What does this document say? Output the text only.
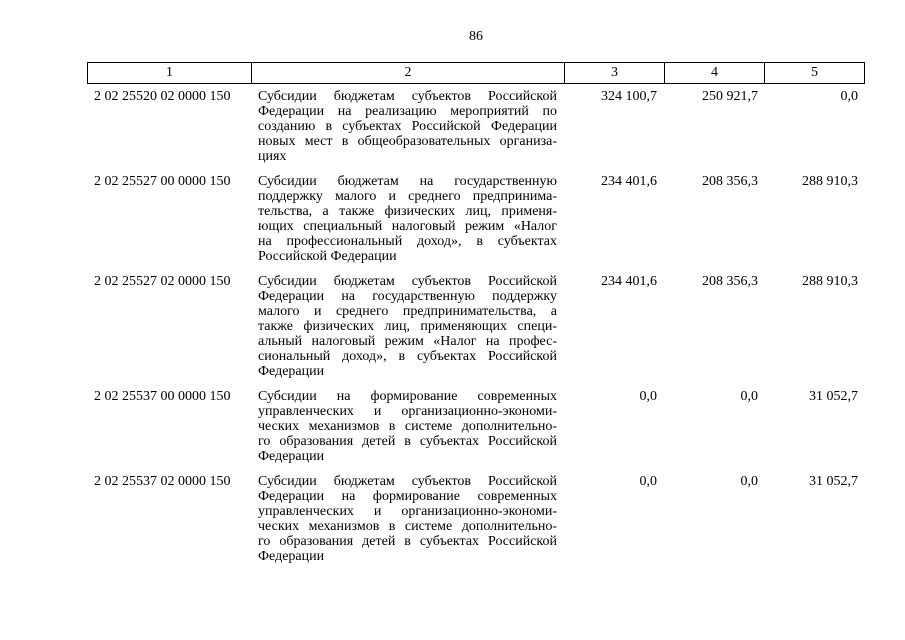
86
1	2	3	4	5
2 02 25520 02 0000 150	Субсидии бюджетам субъектов Российской
Федерации на реализацию мероприятий по
созданию в субъектах Российской Федерации
новых мест в общеобразовательных организа-
циях
324 100,7	250 921,7	0,0
2 02 25527 00 0000 150	Субсидии бюджетам на государственную
поддержку малого и среднего предпринима-
тельства, а также физических лиц, применя-
ющих специальный налоговый режим «Налог
на профессиональный доход», в субъектах
Российской Федерации
234 401,6	208 356,3	288 910,3
2 02 25527 02 0000 150	Субсидии бюджетам субъектов Российской
Федерации на государственную поддержку
малого и среднего предпринимательства, а
также физических лиц, применяющих специ-
альный налоговый режим «Налог на профес-
сиональный доход», в субъектах Российской
Федерации
234 401,6	208 356,3	288 910,3
2 02 25537 00 0000 150	Субсидии на формирование современных
управленческих и организационно-экономи-
ческих механизмов в системе дополнительно-
го образования детей в субъектах Российской
Федерации
0,0	0,0	31 052,7
2 02 25537 02 0000 150	Субсидии бюджетам субъектов Российской
Федерации на формирование современных
управленческих и организационно-экономи-
ческих механизмов в системе дополнительно-
го образования детей в субъектах Российской
Федерации
0,0	0,0	31 052,7
